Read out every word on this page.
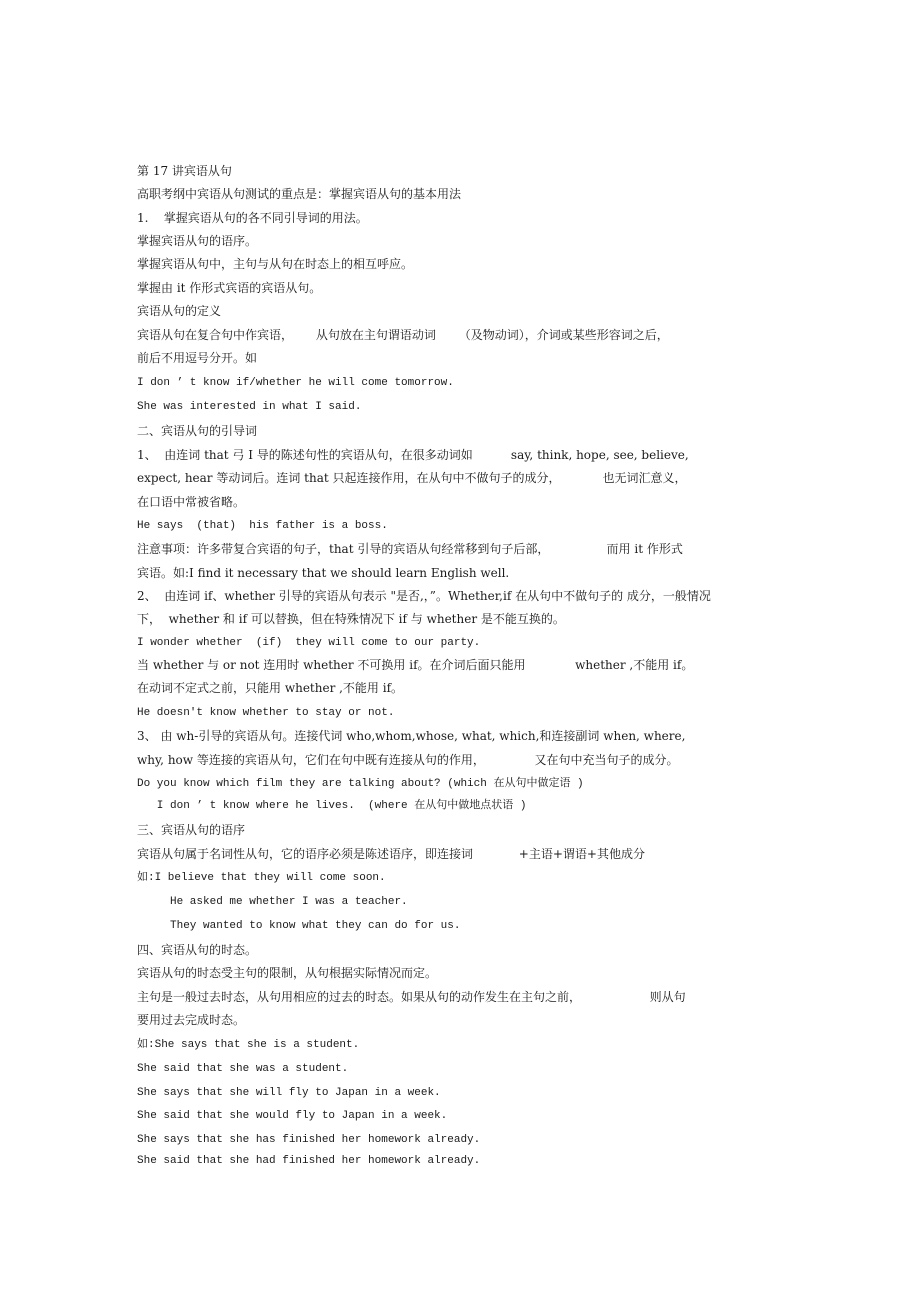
第 17 讲宾语从句
高职考纲中宾语从句测试的重点是：掌握宾语从句的基本用法
1.    掌握宾语从句的各不同引导词的用法。
掌握宾语从句的语序。
掌握宾语从句中，主句与从句在时态上的相互呼应。
掌握由 it 作形式宾语的宾语从句。
宾语从句的定义
宾语从句在复合句中作宾语，      从句放在主句谓语动词      （及物动词），介词或某些形容词之后，
前后不用逗号分开。如
I don ’ t know if/whether he will come tomorrow.
She was interested in what I said.
二、宾语从句的引导词
1、  由连词 that 弓 I 导的陈述句性的宾语从句，在很多动词如          say, think, hope, see, believe,
expect, hear 等动词后。连词 that 只起连接作用，在从句中不做句子的成分，           也无词汇意义，
在口语中常被省略。
He says  (that)  his father is a boss.
注意事项：许多带复合宾语的句子，that 引导的宾语从句经常移到句子后部，               而用 it 作形式
宾语。如:I find it necessary that we should learn English well.
2、  由连词 if、whether 引导的宾语从句表示 "是否,，”。Whether,if 在从句中不做句子的 成分，一般情况
下，  whether 和 if 可以替换，但在特殊情况下 if 与 whether 是不能互换的。
I wonder whether  (if)  they will come to our party.
当 whether 与 or not 连用时 whether 不可换用 if。在介词后面只能用             whether ,不能用 if。
在动词不定式之前，只能用 whether ,不能用 if。
He doesn't know whether to stay or not.
3、 由 wh-引导的宾语从句。连接代词 who,whom,whose, what, which,和连接副词 when, where,
why, how 等连接的宾语从句，它们在句中既有连接从句的作用，             又在句中充当句子的成分。
Do you know which film they are talking about? (which 在从句中做定语 )
I don ’ t know where he lives.  (where 在从句中做地点状语 )
三、宾语从句的语序
宾语从句属于名词性从句，它的语序必须是陈述语序，即连接词            +主语+谓语+其他成分
如:I believe that they will come soon.
He asked me whether I was a teacher.
They wanted to know what they can do for us.
四、宾语从句的时态。
宾语从句的时态受主句的限制，从句根据实际情况而定。
主句是一般过去时态，从句用相应的过去的时态。如果从句的动作发生在主句之前，                  则从句
要用过去完成时态。
如:She says that she is a student.
She said that she was a student.
She says that she will fly to Japan in a week.
She said that she would fly to Japan in a week.
She says that she has finished her homework already.
She said that she had finished her homework already.
